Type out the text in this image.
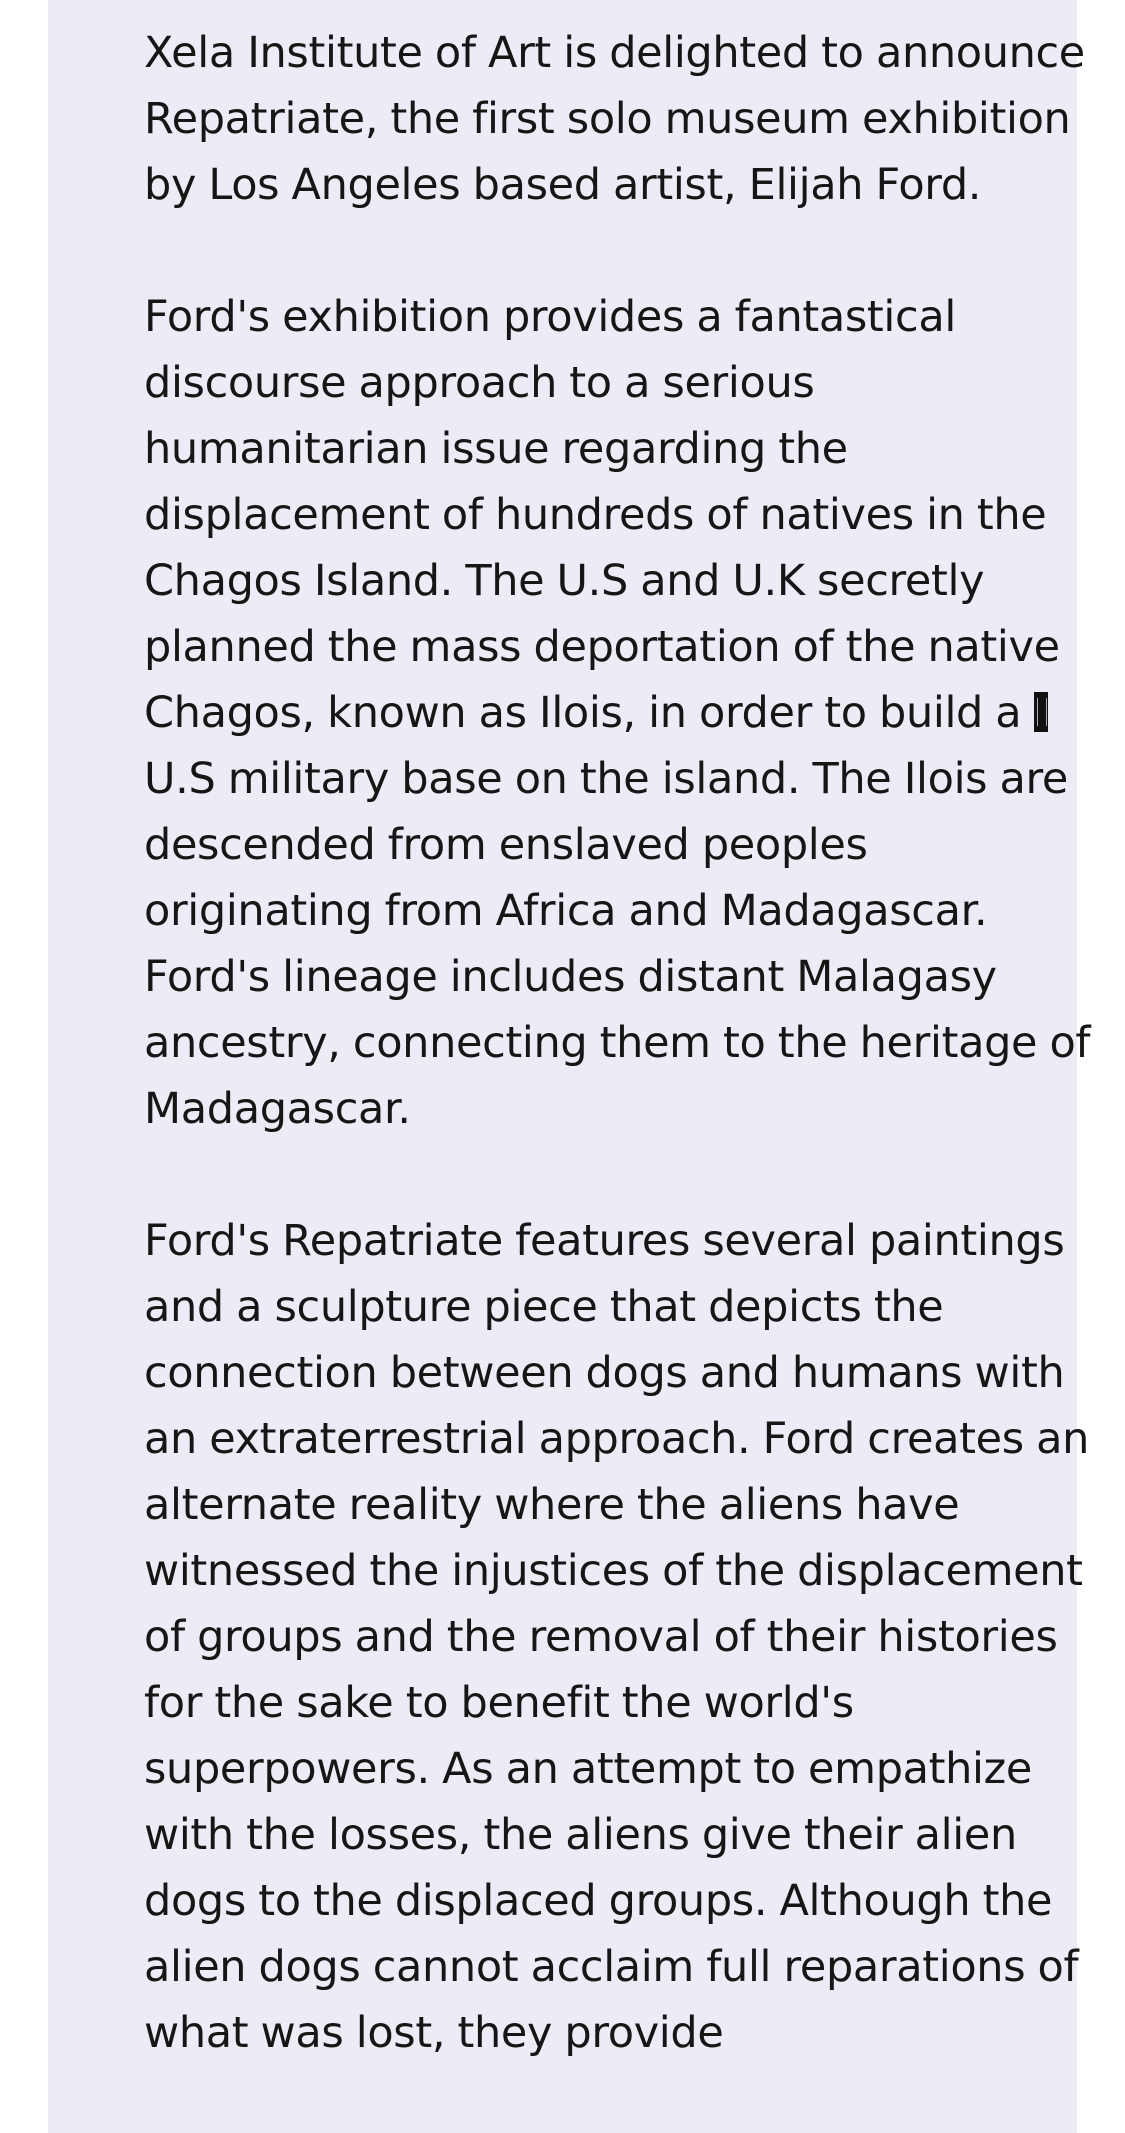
Xela Institute of Art is delighted to announce Repatriate, the first solo museum exhibition by Los Angeles based artist, Elijah Ford.

Ford's exhibition provides a fantastical discourse approach to a serious humanitarian issue regarding the displacement of hundreds of natives in the Chagos Island. The U.S and U.K secretly planned the mass deportation of the native Chagos, known as Ilois, in order to build a U.S military base on the island. The Ilois are descended from enslaved peoples originating from Africa and Madagascar. Ford's lineage includes distant Malagasy ancestry, connecting them to the heritage of Madagascar.

Ford's Repatriate features several paintings and a sculpture piece that depicts the connection between dogs and humans with an extraterrestrial approach. Ford creates an alternate reality where the aliens have witnessed the injustices of the displacement of groups and the removal of their histories for the sake to benefit the world's superpowers. As an attempt to empathize with the losses, the aliens give their alien dogs to the displaced groups. Although the alien dogs cannot acclaim full reparations of what was lost, they provide
